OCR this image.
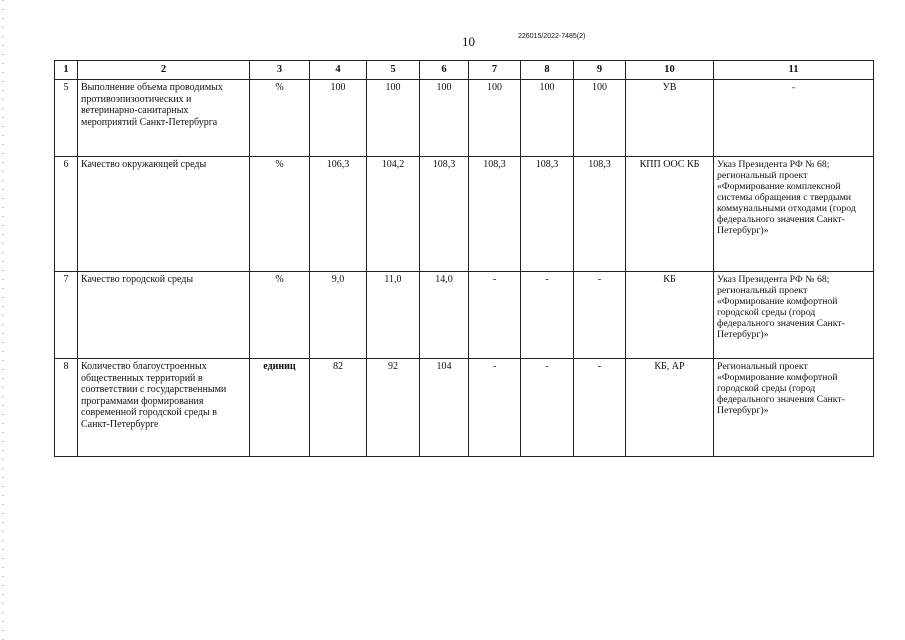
10	226015/2022-7485(2)
1	2	3	4	5	6	7	8	9	10	11
5	Выполнение объема проводимых противоэпизоотических и ветеринарно-санитарных мероприятий Санкт-Петербурга	%	100	100	100	100	100	100	УВ	-
6	Качество окружающей среды	%	106,3	104,2	108,3	108,3	108,3	108,3	КПП ООС КБ	Указ Президента РФ № 68; региональный проект «Формирование комплексной системы обращения с твердыми коммунальными отходами (город федерального значения Санкт-Петербург)»
7	Качество городской среды	%	9,0	11,0	14,0	-	-	-	КБ	Указ Президента РФ № 68; региональный проект «Формирование комфортной городской среды (город федерального значения Санкт-Петербург)»
8	Количество благоустроенных общественных территорий в соответствии с государственными программами формирования современной городской среды в Санкт-Петербурге	единиц	82	92	104	-	-	-	КБ, АР	Региональный проект «Формирование комфортной городской среды (город федерального значения Санкт-Петербург)»
